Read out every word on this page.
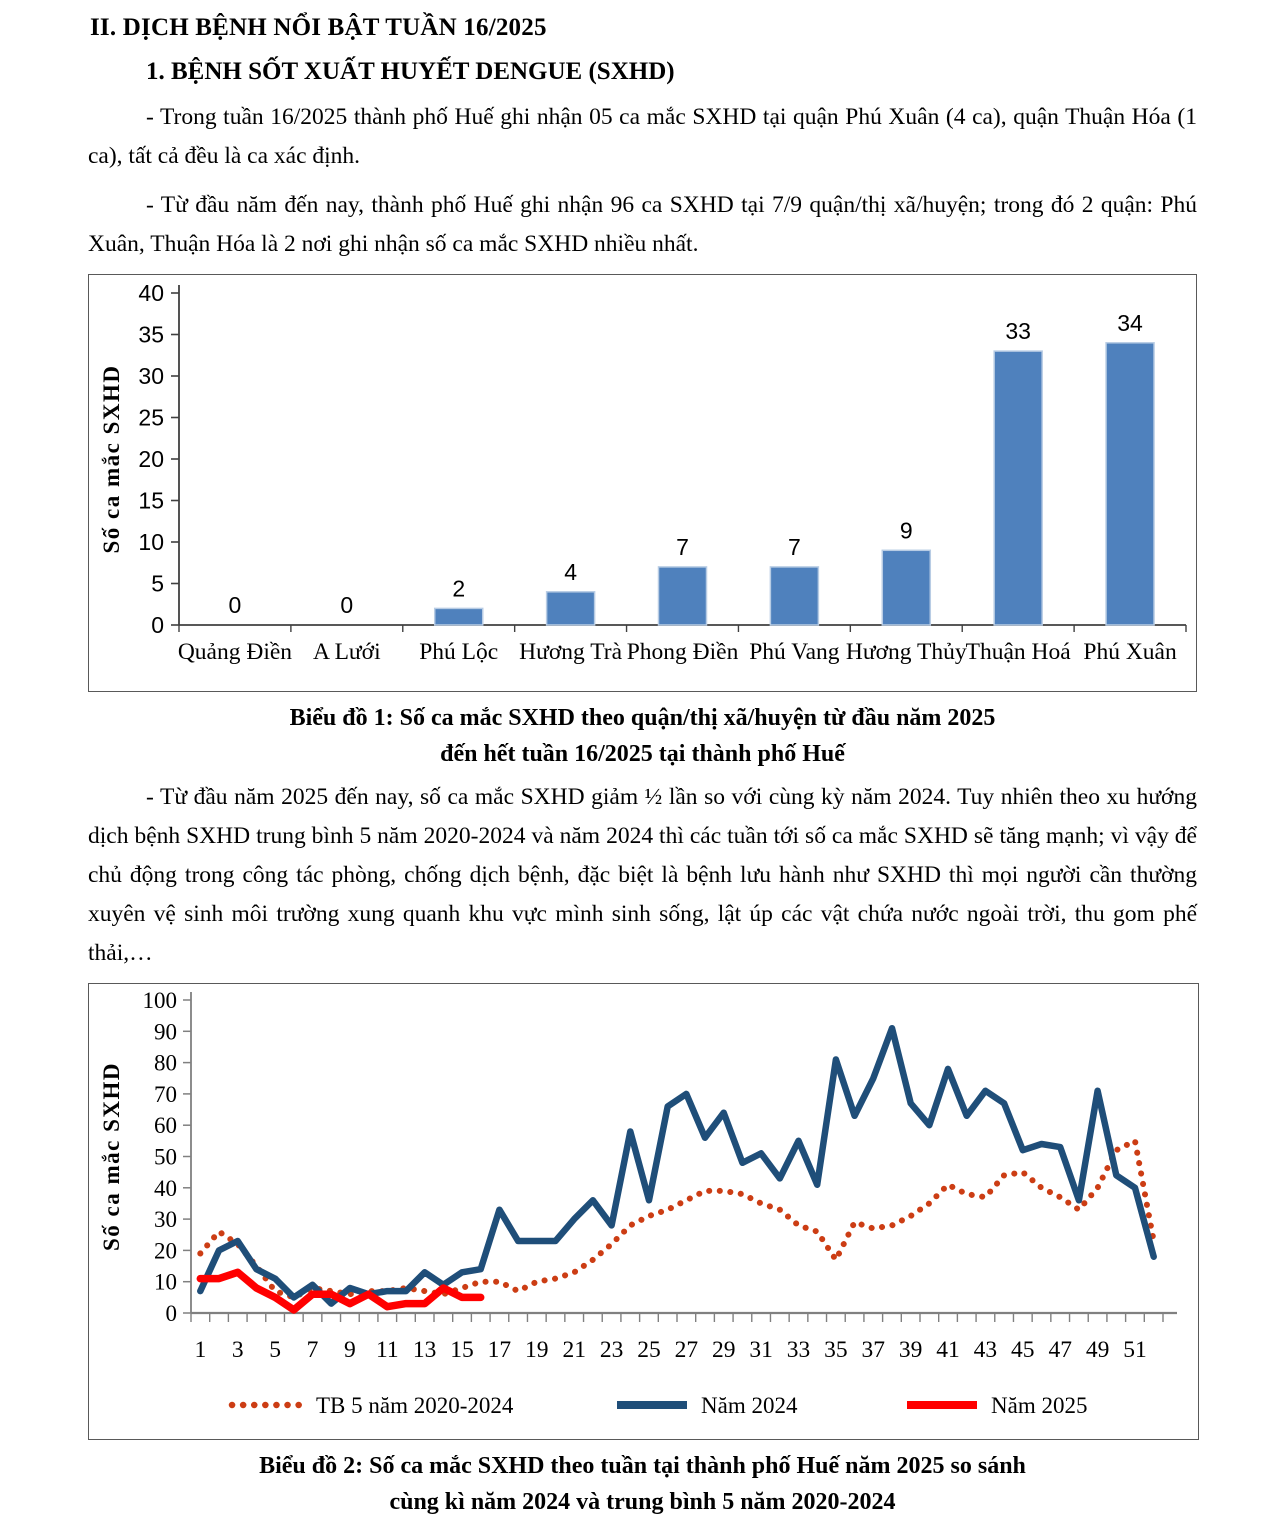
II. DỊCH BỆNH NỔI BẬT TUẦN 16/2025
1. BỆNH SỐT XUẤT HUYẾT DENGUE (SXHD)

- Trong tuần 16/2025 thành phố Huế ghi nhận 05 ca mắc SXHD tại quận Phú Xuân (4 ca), quận Thuận Hóa (1 ca), tất cả đều là ca xác định.

- Từ đầu năm đến nay, thành phố Huế ghi nhận 96 ca SXHD tại 7/9 quận/thị xã/huyện; trong đó 2 quận: Phú Xuân, Thuận Hóa là 2 nơi ghi nhận số ca mắc SXHD nhiều nhất.

0
5
10
15
20
25
30
35
40
0
Quảng Điền
0
A Lưới
2
Phú Lộc
4
Hương Trà
7
Phong Điền
7
Phú Vang
9
Hương Thủy
33
Thuận Hoá
34
Phú Xuân
Số ca mắc SXHD
Biểu đồ 1: Số ca mắc SXHD theo quận/thị xã/huyện từ đầu năm 2025
đến hết tuần 16/2025 tại thành phố Huế

- Từ đầu năm 2025 đến nay, số ca mắc SXHD giảm ½ lần so với cùng kỳ năm 2024. Tuy nhiên theo xu hướng dịch bệnh SXHD trung bình 5 năm 2020-2024 và năm 2024 thì các tuần tới số ca mắc SXHD sẽ tăng mạnh; vì vậy để chủ động trong công tác phòng, chống dịch bệnh, đặc biệt là bệnh lưu hành như SXHD thì mọi người cần thường xuyên vệ sinh môi trường xung quanh khu vực mình sinh sống, lật úp các vật chứa nước ngoài trời, thu gom phế thải,…

0
10
20
30
40
50
60
70
80
90
100
1 3 5 7 9 11 13 15 17 19 21 23 25 27 29 31 33 35 37 39 41 43 45 47 49 51
TB 5 năm 2020-2024	Năm 2024	Năm 2025
Số ca mắc SXHD
Biểu đồ 2: Số ca mắc SXHD theo tuần tại thành phố Huế năm 2025 so sánh
cùng kì năm 2024 và trung bình 5 năm 2020-2024
